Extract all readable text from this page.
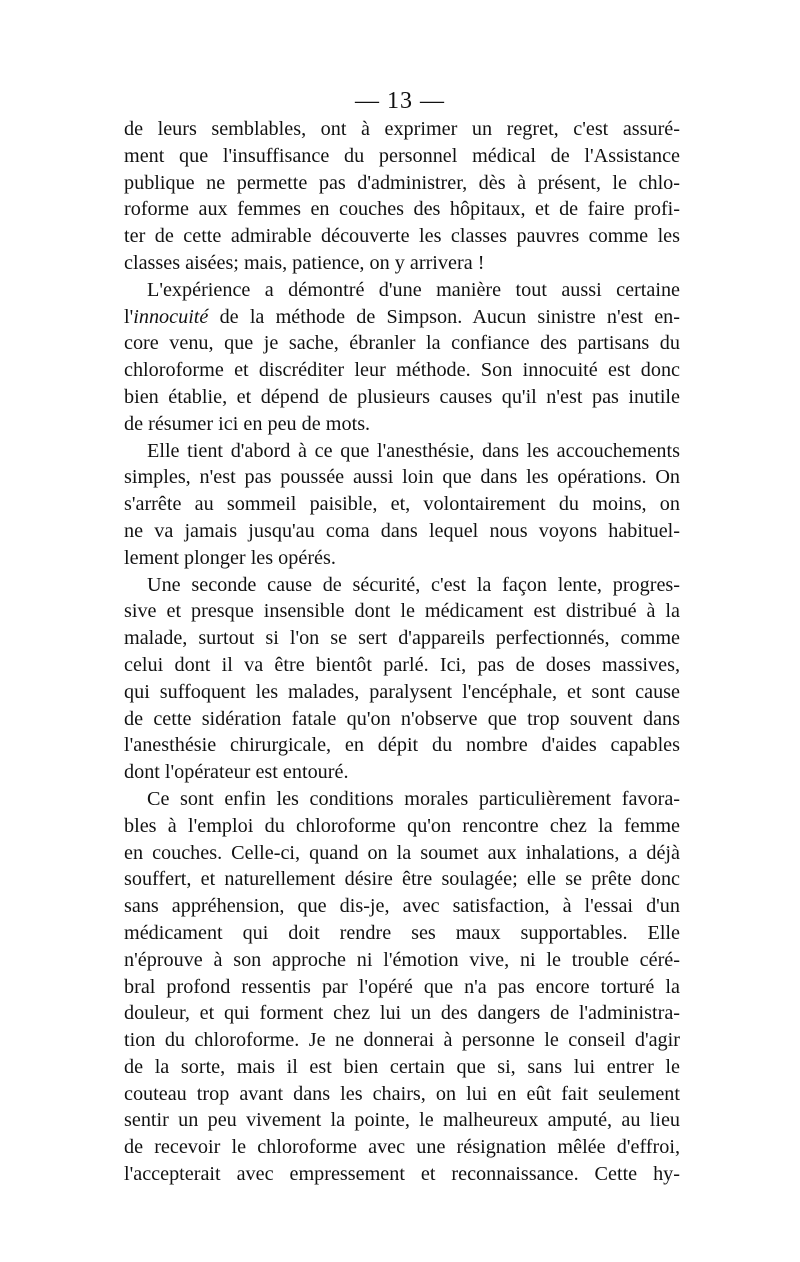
— 13 —
de leurs semblables, ont à exprimer un regret, c'est assuré-
ment que l'insuffisance du personnel médical de l'Assistance
publique ne permette pas d'administrer, dès à présent, le chlo-
roforme aux femmes en couches des hôpitaux, et de faire profi-
ter de cette admirable découverte les classes pauvres comme les
classes aisées; mais, patience, on y arrivera !
L'expérience a démontré d'une manière tout aussi certaine
l'innocuité de la méthode de Simpson. Aucun sinistre n'est en-
core venu, que je sache, ébranler la confiance des partisans du
chloroforme et discréditer leur méthode. Son innocuité est donc
bien établie, et dépend de plusieurs causes qu'il n'est pas inutile
de résumer ici en peu de mots.
Elle tient d'abord à ce que l'anesthésie, dans les accouchements
simples, n'est pas poussée aussi loin que dans les opérations. On
s'arrête au sommeil paisible, et, volontairement du moins, on
ne va jamais jusqu'au coma dans lequel nous voyons habituel-
lement plonger les opérés.
Une seconde cause de sécurité, c'est la façon lente, progres-
sive et presque insensible dont le médicament est distribué à la
malade, surtout si l'on se sert d'appareils perfectionnés, comme
celui dont il va être bientôt parlé. Ici, pas de doses massives,
qui suffoquent les malades, paralysent l'encéphale, et sont cause
de cette sidération fatale qu'on n'observe que trop souvent dans
l'anesthésie chirurgicale, en dépit du nombre d'aides capables
dont l'opérateur est entouré.
Ce sont enfin les conditions morales particulièrement favora-
bles à l'emploi du chloroforme qu'on rencontre chez la femme
en couches. Celle-ci, quand on la soumet aux inhalations, a déjà
souffert, et naturellement désire être soulagée; elle se prête donc
sans appréhension, que dis-je, avec satisfaction, à l'essai d'un
médicament qui doit rendre ses maux supportables. Elle
n'éprouve à son approche ni l'émotion vive, ni le trouble céré-
bral profond ressentis par l'opéré que n'a pas encore torturé la
douleur, et qui forment chez lui un des dangers de l'administra-
tion du chloroforme. Je ne donnerai à personne le conseil d'agir
de la sorte, mais il est bien certain que si, sans lui entrer le
couteau trop avant dans les chairs, on lui en eût fait seulement
sentir un peu vivement la pointe, le malheureux amputé, au lieu
de recevoir le chloroforme avec une résignation mêlée d'effroi,
l'accepterait avec empressement et reconnaissance. Cette hy-
